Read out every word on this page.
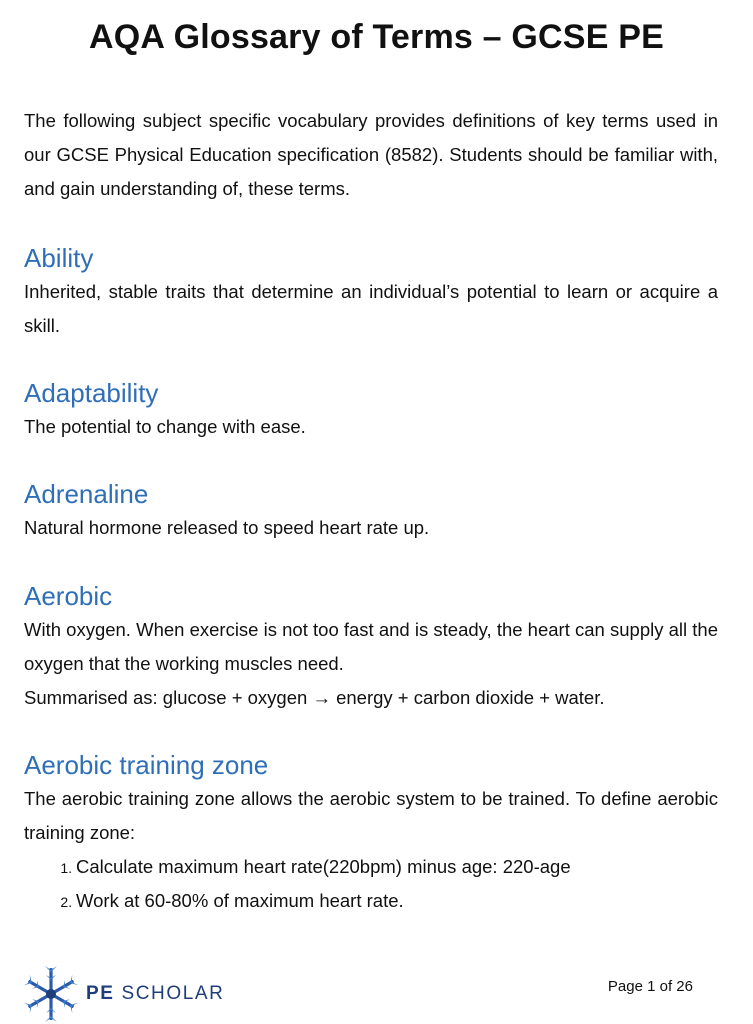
AQA Glossary of Terms – GCSE PE

The following subject specific vocabulary provides definitions of key terms used in our GCSE Physical Education specification (8582). Students should be familiar with, and gain understanding of, these terms.

Ability

Inherited, stable traits that determine an individual’s potential to learn or acquire a skill.

Adaptability

The potential to change with ease.

Adrenaline

Natural hormone released to speed heart rate up.

Aerobic

With oxygen. When exercise is not too fast and is steady, the heart can supply all the oxygen that the working muscles need.

Summarised as: glucose + oxygen → energy + carbon dioxide + water.

Aerobic training zone

The aerobic training zone allows the aerobic system to be trained. To define aerobic training zone:

1. Calculate maximum heart rate(220bpm) minus age: 220-age
2. Work at 60-80% of maximum heart rate.
PE SCHOLAR	Page 1 of 26
